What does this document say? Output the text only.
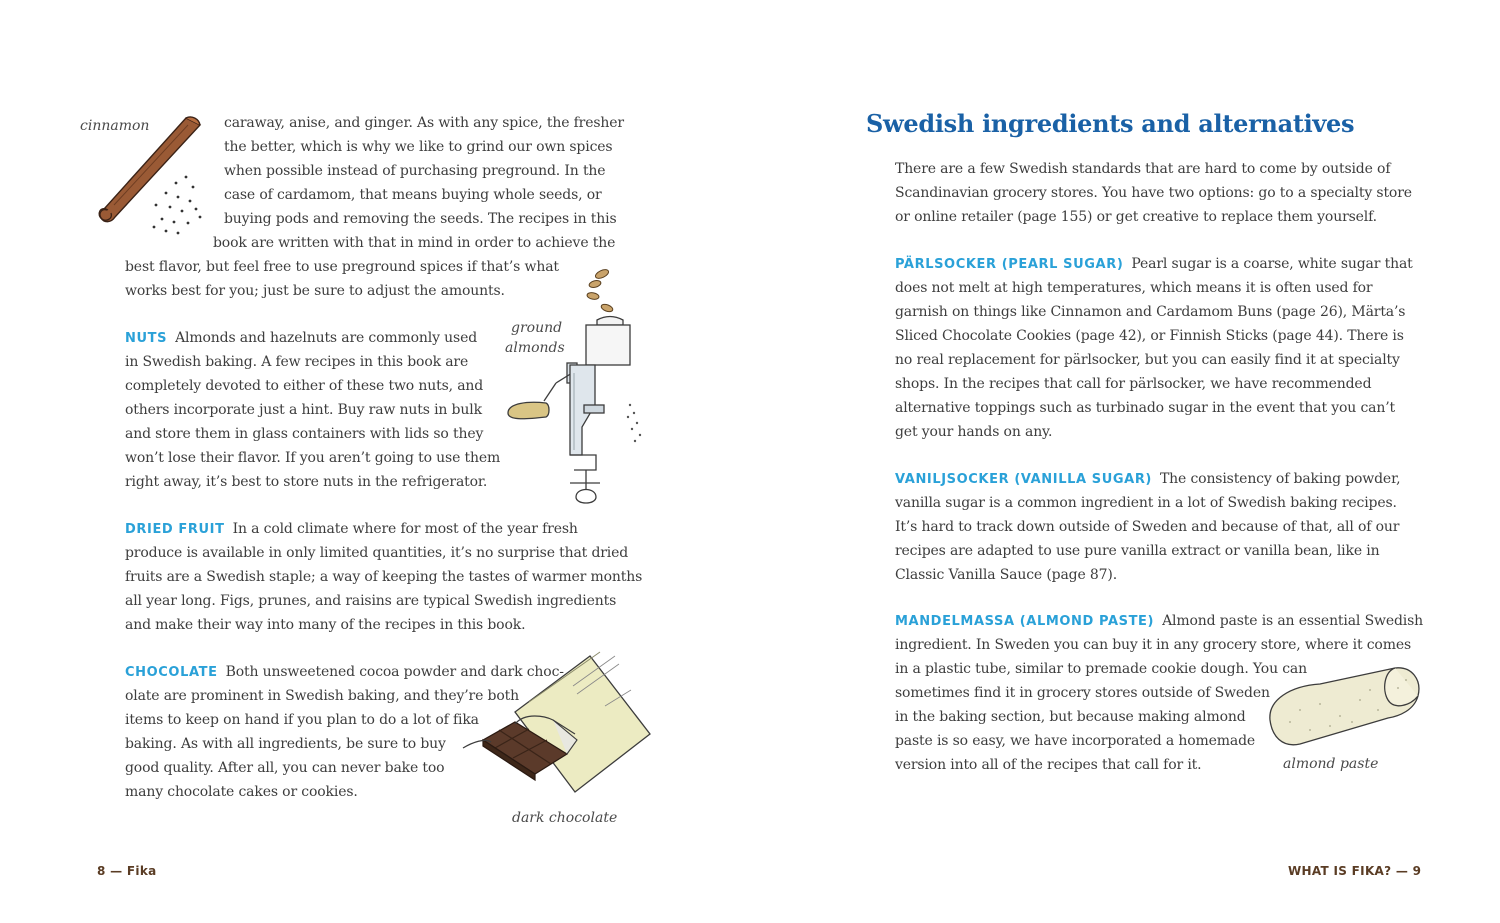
cinnamon	caraway, anise, and ginger. As with any spice, the fresher
the better, which is why we like to grind our own spices
when possible instead of purchasing preground. In the
case of cardamom, that means buying whole seeds, or
buying pods and removing the seeds. The recipes in this
book are written with that in mind in order to achieve the
best flavor, but feel free to use preground spices if that’s what
works best for you; just be sure to adjust the amounts.
NUTS Almonds and hazelnuts are commonly used
in Swedish baking. A few recipes in this book are
completely devoted to either of these two nuts, and
others incorporate just a hint. Buy raw nuts in bulk
and store them in glass containers with lids so they
won’t lose their flavor. If you aren’t going to use them
right away, it’s best to store nuts in the refrigerator.
ground
almonds
DRIED FRUIT In a cold climate where for most of the year fresh
produce is available in only limited quantities, it’s no surprise that dried
fruits are a Swedish staple; a way of keeping the tastes of warmer months
all year long. Figs, prunes, and raisins are typical Swedish ingredients
and make their way into many of the recipes in this book.
CHOCOLATE Both unsweetened cocoa powder and dark choc-
olate are prominent in Swedish baking, and they’re both
items to keep on hand if you plan to do a lot of fika
baking. As with all ingredients, be sure to buy
good quality. After all, you can never bake too
many chocolate cakes or cookies.
dark chocolate
8 — Fika
Swedish ingredients and alternatives
There are a few Swedish standards that are hard to come by outside of
Scandinavian grocery stores. You have two options: go to a specialty store
or online retailer (page 155) or get creative to replace them yourself.
PÄRLSOCKER (PEARL SUGAR) Pearl sugar is a coarse, white sugar that
does not melt at high temperatures, which means it is often used for
garnish on things like Cinnamon and Cardamom Buns (page 26), Märta’s
Sliced Chocolate Cookies (page 42), or Finnish Sticks (page 44). There is
no real replacement for pärlsocker, but you can easily find it at specialty
shops. In the recipes that call for pärlsocker, we have recommended
alternative toppings such as turbinado sugar in the event that you can’t
get your hands on any.
VANILJSOCKER (VANILLA SUGAR) The consistency of baking powder,
vanilla sugar is a common ingredient in a lot of Swedish baking recipes.
It’s hard to track down outside of Sweden and because of that, all of our
recipes are adapted to use pure vanilla extract or vanilla bean, like in
Classic Vanilla Sauce (page 87).
MANDELMASSA (ALMOND PASTE) Almond paste is an essential Swedish
ingredient. In Sweden you can buy it in any grocery store, where it comes
in a plastic tube, similar to premade cookie dough. You can
sometimes find it in grocery stores outside of Sweden
in the baking section, but because making almond
paste is so easy, we have incorporated a homemade
version into all of the recipes that call for it.	almond paste
WHAT IS FIKA? — 9
